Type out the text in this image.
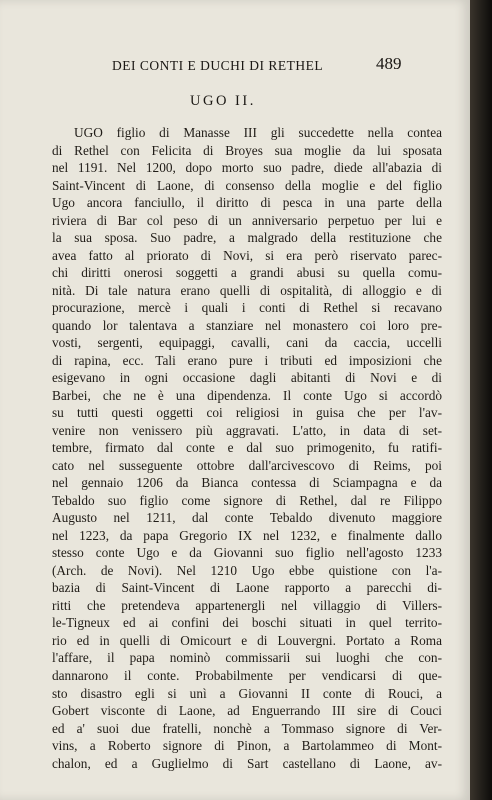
DEI CONTI E DUCHI DI RETHEL	489
UGO II.
UGO figlio di Manasse III gli succedette nella contea
di Rethel con Felicita di Broyes sua moglie da lui sposata
nel 1191. Nel 1200, dopo morto suo padre, diede all'abazia di
Saint-Vincent di Laone, di consenso della moglie e del figlio
Ugo ancora fanciullo, il diritto di pesca in una parte della
riviera di Bar col peso di un anniversario perpetuo per lui e
la sua sposa. Suo padre, a malgrado della restituzione che
avea fatto al priorato di Novi, si era però riservato parec-
chi diritti onerosi soggetti a grandi abusi su quella comu-
nità. Di tale natura erano quelli di ospitalità, di alloggio e di
procurazione, mercè i quali i conti di Rethel si recavano
quando lor talentava a stanziare nel monastero coi loro pre-
vosti, sergenti, equipaggi, cavalli, cani da caccia, uccelli
di rapina, ecc. Tali erano pure i tributi ed imposizioni che
esigevano in ogni occasione dagli abitanti di Novi e di
Barbei, che ne è una dipendenza. Il conte Ugo si accordò
su tutti questi oggetti coi religiosi in guisa che per l'av-
venire non venissero più aggravati. L'atto, in data di set-
tembre, firmato dal conte e dal suo primogenito, fu ratifi-
cato nel susseguente ottobre dall'arcivescovo di Reims, poi
nel gennaio 1206 da Bianca contessa di Sciampagna e da
Tebaldo suo figlio come signore di Rethel, dal re Filippo
Augusto nel 1211, dal conte Tebaldo divenuto maggiore
nel 1223, da papa Gregorio IX nel 1232, e finalmente dallo
stesso conte Ugo e da Giovanni suo figlio nell'agosto 1233
(Arch. de Novi). Nel 1210 Ugo ebbe quistione con l'a-
bazia di Saint-Vincent di Laone rapporto a parecchi di-
ritti che pretendeva appartenergli nel villaggio di Villers-
le-Tigneux ed ai confini dei boschi situati in quel territo-
rio ed in quelli di Omicourt e di Louvergni. Portato a Roma
l'affare, il papa nominò commissarii sui luoghi che con-
dannarono il conte. Probabilmente per vendicarsi di que-
sto disastro egli si unì a Giovanni II conte di Rouci, a
Gobert visconte di Laone, ad Enguerrando III sire di Couci
ed a' suoi due fratelli, nonchè a Tommaso signore di Ver-
vins, a Roberto signore di Pinon, a Bartolammeo di Mont-
chalon, ed a Guglielmo di Sart castellano di Laone, av-
